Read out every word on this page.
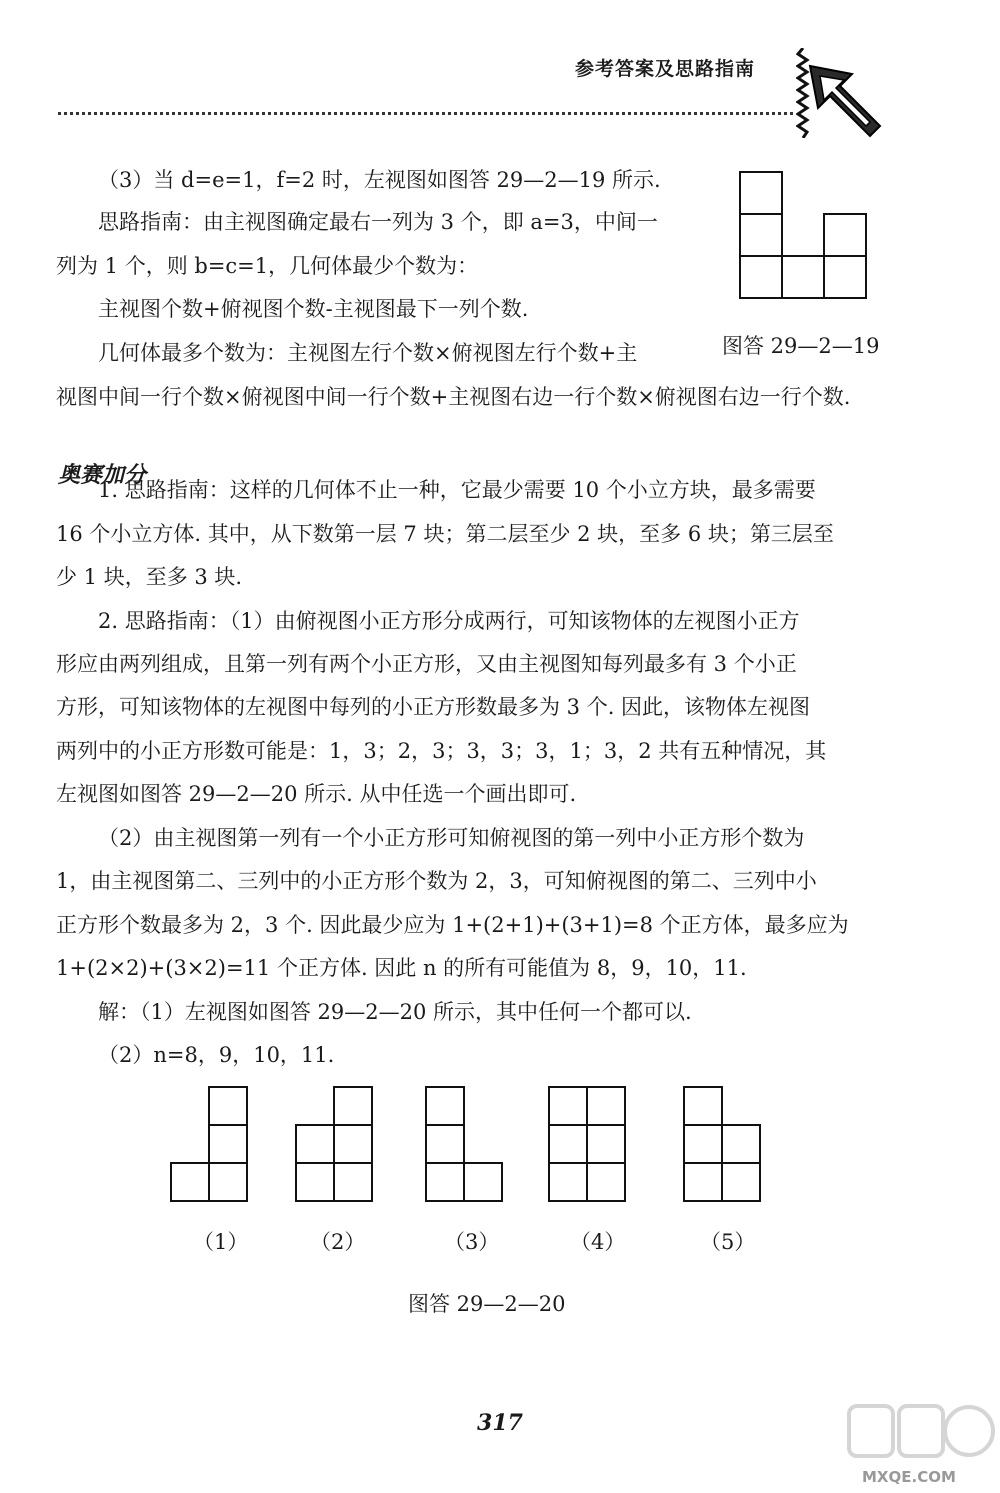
参考答案及思路指南
（3）当 d=e=1，f=2 时，左视图如图答 29—2—19 所示.
思路指南：由主视图确定最右一列为 3 个，即 a=3，中间一
列为 1 个，则 b=c=1，几何体最少个数为：
主视图个数+俯视图个数-主视图最下一列个数.
几何体最多个数为：主视图左行个数×俯视图左行个数+主
视图中间一行个数×俯视图中间一行个数+主视图右边一行个数×俯视图右边一行个数.
图答 29—2—19
奥赛加分
1. 思路指南：这样的几何体不止一种，它最少需要 10 个小立方块，最多需要
16 个小立方体. 其中，从下数第一层 7 块；第二层至少 2 块，至多 6 块；第三层至
少 1 块，至多 3 块.
2. 思路指南：（1）由俯视图小正方形分成两行，可知该物体的左视图小正方
形应由两列组成，且第一列有两个小正方形，又由主视图知每列最多有 3 个小正
方形，可知该物体的左视图中每列的小正方形数最多为 3 个. 因此，该物体左视图
两列中的小正方形数可能是：1，3；2，3；3，3；3，1；3，2 共有五种情况，其
左视图如图答 29—2—20 所示. 从中任选一个画出即可.
（2）由主视图第一列有一个小正方形可知俯视图的第一列中小正方形个数为
1，由主视图第二、三列中的小正方形个数为 2，3，可知俯视图的第二、三列中小
正方形个数最多为 2，3 个. 因此最少应为 1+(2+1)+(3+1)=8 个正方体，最多应为
1+(2×2)+(3×2)=11 个正方体. 因此 n 的所有可能值为 8，9，10，11.
解：（1）左视图如图答 29—2—20 所示，其中任何一个都可以.
（2）n=8，9，10，11.
（1）	（2）	（3）	（4）	（5）
图答 29—2—20
317
MXQE.COM
